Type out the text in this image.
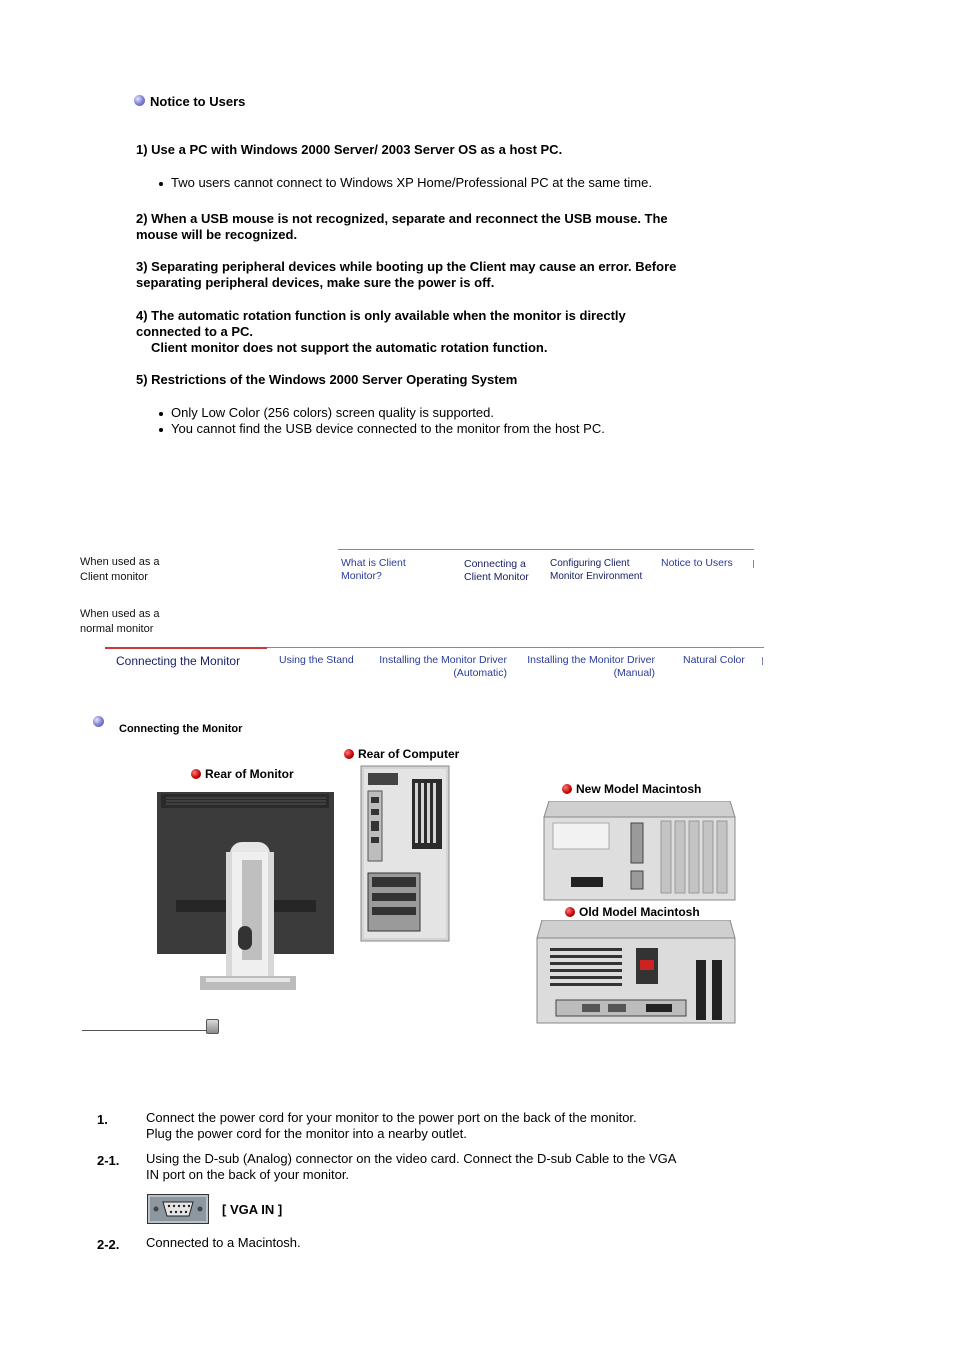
Notice to Users
1) Use a PC with Windows 2000 Server/ 2003 Server OS as a host PC.
Two users cannot connect to Windows XP Home/Professional PC at the same time.
2) When a USB mouse is not recognized, separate and reconnect the USB mouse. The
mouse will be recognized.
3) Separating peripheral devices while booting up the Client may cause an error. Before
separating peripheral devices, make sure the power is off.
4) The automatic rotation function is only available when the monitor is directly
connected to a PC.
Client monitor does not support the automatic rotation function.
5) Restrictions of the Windows 2000 Server Operating System
Only Low Color (256 colors) screen quality is supported.
You cannot find the USB device connected to the monitor from the host PC.
When used as a
Client monitor
When used as a
normal monitor
What is Client
Monitor?
Connecting a
Client Monitor
Configuring Client
Monitor Environment
Notice to Users
Connecting the Monitor	Using the Stand Installing the Monitor Driver
(Automatic)
Installing the Monitor Driver
(Manual)
Natural Color
Connecting the Monitor
Rear of Computer
Rear of Monitor
New Model Macintosh
Old Model Macintosh
1.	Connect the power cord for your monitor to the power port on the back of the monitor.
Plug the power cord for the monitor into a nearby outlet.
2-1. Using the D-sub (Analog) connector on the video card. Connect the D-sub Cable to the VGA
IN port on the back of your monitor.
[ VGA IN ]
2-2. Connected to a Macintosh.
